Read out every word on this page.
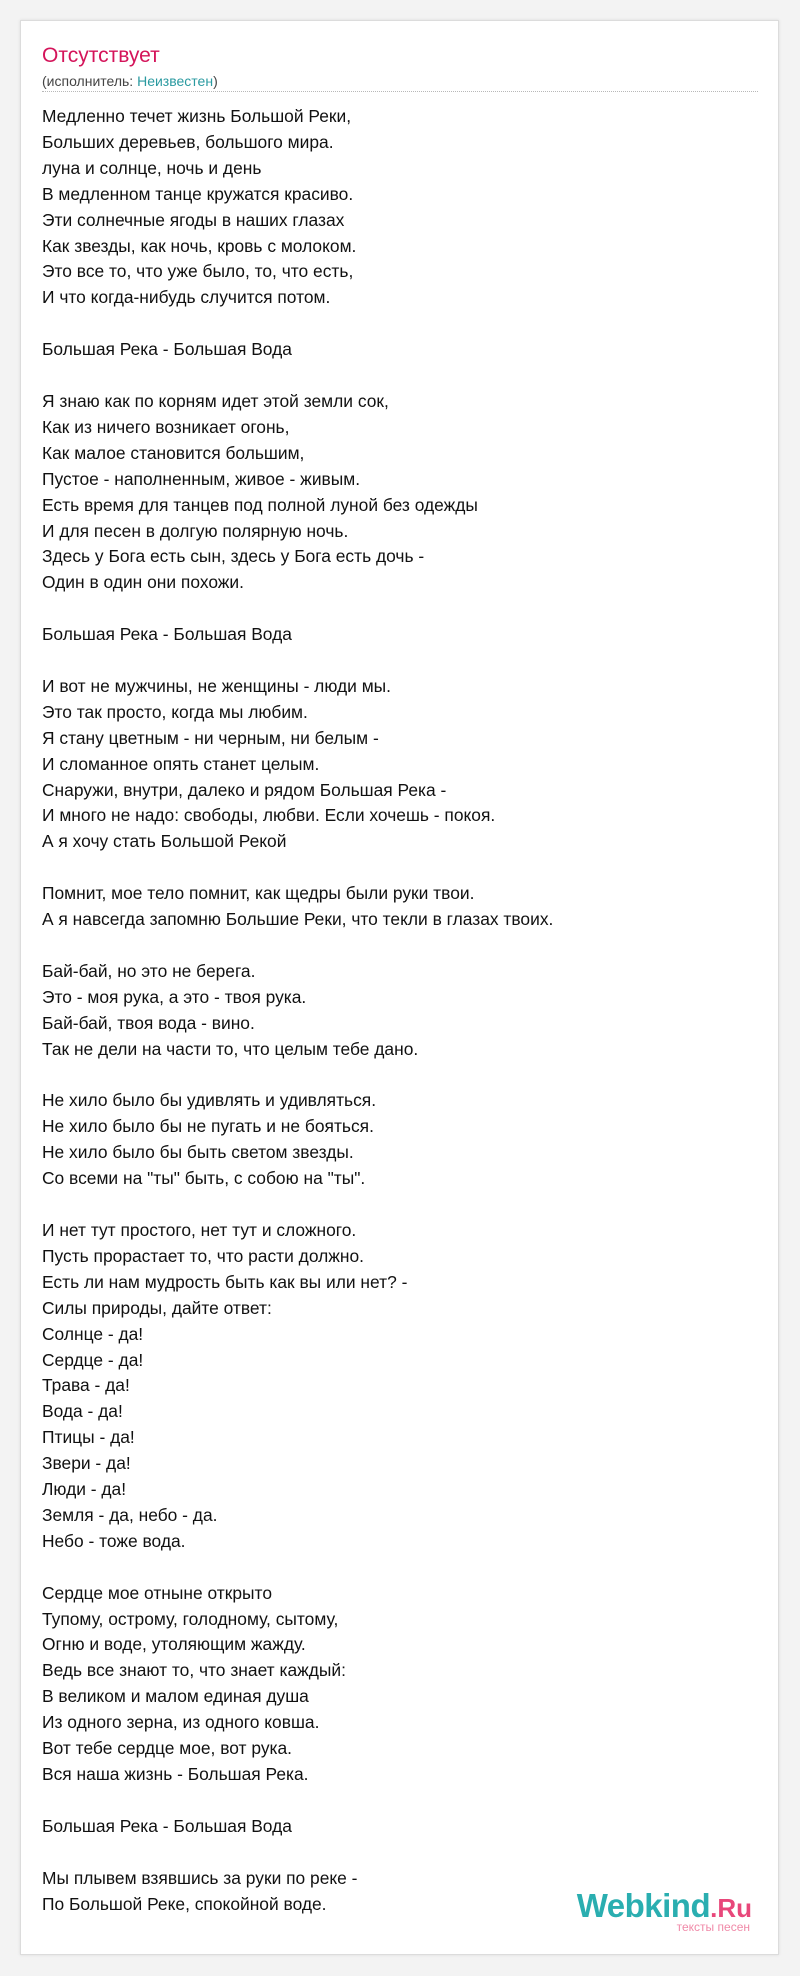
Отсутствует
(исполнитель: Неизвестен)
Медленно течет жизнь Большой Реки,
Больших деревьев, большого мира.
луна и солнце, ночь и день
В медленном танце кружатся красиво.
Эти солнечные ягоды в наших глазах
Как звезды, как ночь, кровь с молоком.
Это все то, что уже было, то, что есть,
И что когда-нибудь случится потом.
Большая Река - Большая Вода
Я знаю как по корням идет этой земли сок,
Как из ничего возникает огонь,
Как малое становится большим,
Пустое - наполненным, живое - живым.
Есть время для танцев под полной луной без одежды
И для песен в долгую полярную ночь.
Здесь у Бога есть сын, здесь у Бога есть дочь -
Один в один они похожи.
Большая Река - Большая Вода
И вот не мужчины, не женщины - люди мы.
Это так просто, когда мы любим.
Я стану цветным - ни черным, ни белым -
И сломанное опять станет целым.
Снаружи, внутри, далеко и рядом Большая Река -
И много не надо: свободы, любви. Если хочешь - покоя.
А я хочу стать Большой Рекой
Помнит, мое тело помнит, как щедры были руки твои.
А я навсегда запомню Большие Реки, что текли в глазах твоих.
Бай-бай, но это не берега.
Это - моя рука, а это - твоя рука.
Бай-бай, твоя вода - вино.
Так не дели на части то, что целым тебе дано.
Не хило было бы удивлять и удивляться.
Не хило было бы не пугать и не бояться.
Не хило было бы быть светом звезды.
Со всеми на "ты" быть, с собою на "ты".
И нет тут простого, нет тут и сложного.
Пусть прорастает то, что расти должно.
Есть ли нам мудрость быть как вы или нет? -
Силы природы, дайте ответ:
Солнце - да!
Сердце - да!
Трава - да!
Вода - да!
Птицы - да!
Звери - да!
Люди - да!
Земля - да, небо - да.
Небо - тоже вода.
Сердце мое отныне открыто
Тупому, острому, голодному, сытому,
Огню и воде, утоляющим жажду.
Ведь все знают то, что знает каждый:
В великом и малом единая душа
Из одного зерна, из одного ковша.
Вот тебе сердце мое, вот рука.
Вся наша жизнь - Большая Река.
Большая Река - Большая Вода
Мы плывем взявшись за руки по реке -
По Большой Реке, спокойной воде.	Webkind.Ru
тексты песен
